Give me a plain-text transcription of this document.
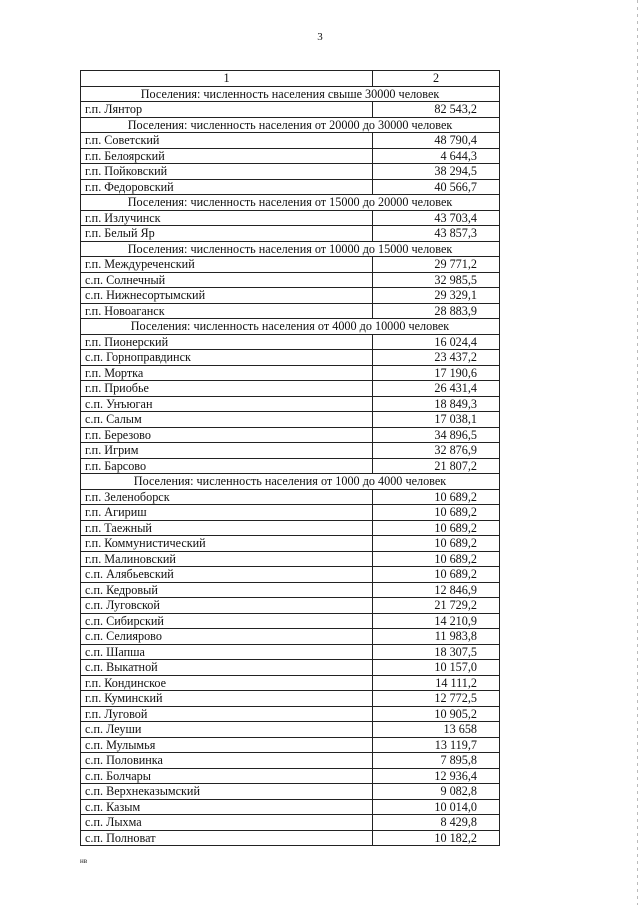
3
1	2
Поселения: численность населения свыше 30000 человек	
г.п. Лянтор	82 543,2
Поселения: численность населения от 20000 до 30000 человек	
г.п. Советский	48 790,4
г.п. Белоярский	4 644,3
г.п. Пойковский	38 294,5
г.п. Федоровский	40 566,7
Поселения: численность населения от 15000 до 20000 человек	
г.п. Излучинск	43 703,4
г.п. Белый Яр	43 857,3
Поселения: численность населения от 10000 до 15000 человек	
г.п. Междуреченский	29 771,2
с.п. Солнечный	32 985,5
с.п. Нижнесортымский	29 329,1
г.п. Новоаганск	28 883,9
Поселения: численность населения от 4000 до 10000 человек	
г.п. Пионерский	16 024,4
с.п. Горноправдинск	23 437,2
г.п. Мортка	17 190,6
г.п. Приобье	26 431,4
с.п. Унъюган	18 849,3
с.п. Салым	17 038,1
г.п. Березово	34 896,5
г.п. Игрим	32 876,9
г.п. Барсово	21 807,2
Поселения: численность населения от 1000 до 4000 человек	
г.п. Зеленоборск	10 689,2
г.п. Агириш	10 689,2
г.п. Таежный	10 689,2
г.п. Коммунистический	10 689,2
г.п. Малиновский	10 689,2
с.п. Алябьевский	10 689,2
с.п. Кедровый	12 846,9
с.п. Луговской	21 729,2
с.п. Сибирский	14 210,9
с.п. Селиярово	11 983,8
с.п. Шапша	18 307,5
с.п. Выкатной	10 157,0
г.п. Кондинское	14 111,2
г.п. Куминский	12 772,5
г.п. Луговой	10 905,2
с.п. Леуши	13 658
с.п. Мулымья	13 119,7
с.п. Половинка	7 895,8
с.п. Болчары	12 936,4
с.п. Верхнеказымский	9 082,8
с.п. Казым	10 014,0
с.п. Лыхма	8 429,8
с.п. Полноват	10 182,2
нв
